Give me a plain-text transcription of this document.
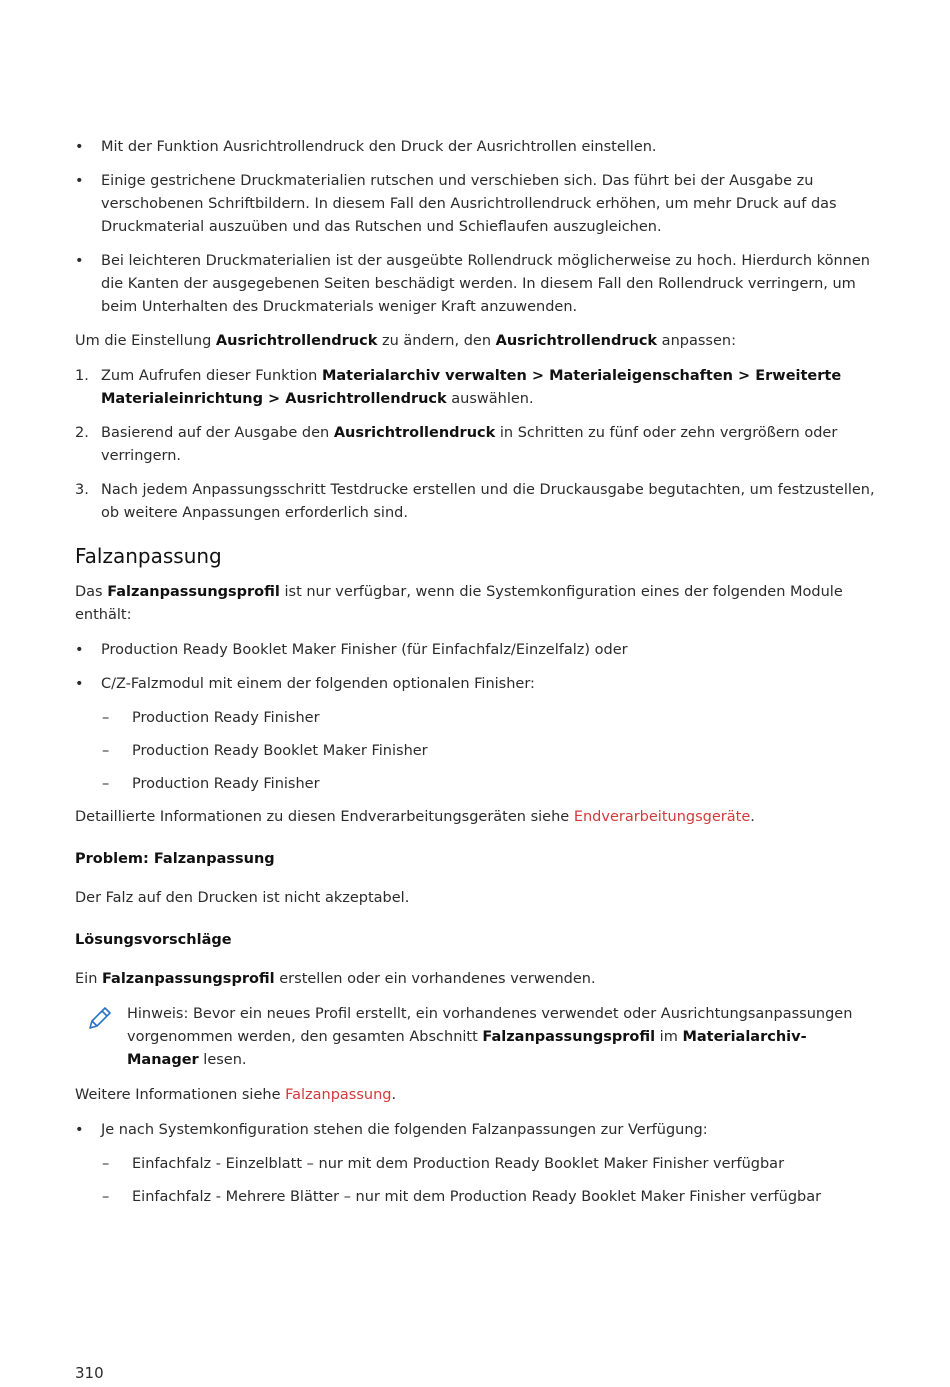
• Mit der Funktion Ausrichtrollendruck den Druck der Ausrichtrollen einstellen.

• Einige gestrichene Druckmaterialien rutschen und verschieben sich. Das führt bei der Ausgabe zu verschobenen Schriftbildern. In diesem Fall den Ausrichtrollendruck erhöhen, um mehr Druck auf das Druckmaterial auszuüben und das Rutschen und Schieflaufen auszugleichen.

• Bei leichteren Druckmaterialien ist der ausgeübte Rollendruck möglicherweise zu hoch. Hierdurch können die Kanten der ausgegebenen Seiten beschädigt werden. In diesem Fall den Rollendruck verringern, um beim Unterhalten des Druckmaterials weniger Kraft anzuwenden.

Um die Einstellung Ausrichtrollendruck zu ändern, den Ausrichtrollendruck anpassen:

1. Zum Aufrufen dieser Funktion Materialarchiv verwalten > Materialeigenschaften > Erweiterte Materialeinrichtung > Ausrichtrollendruck auswählen.

2. Basierend auf der Ausgabe den Ausrichtrollendruck in Schritten zu fünf oder zehn vergrößern oder verringern.

3. Nach jedem Anpassungsschritt Testdrucke erstellen und die Druckausgabe begutachten, um festzustellen, ob weitere Anpassungen erforderlich sind.

Falzanpassung

Das Falzanpassungsprofil ist nur verfügbar, wenn die Systemkonfiguration eines der folgenden Module enthält:

• Production Ready Booklet Maker Finisher (für Einfachfalz/Einzelfalz) oder

• C/Z-Falzmodul mit einem der folgenden optionalen Finisher:

– Production Ready Finisher

– Production Ready Booklet Maker Finisher

– Production Ready Finisher

Detaillierte Informationen zu diesen Endverarbeitungsgeräten siehe Endverarbeitungsgeräte.

Problem: Falzanpassung

Der Falz auf den Drucken ist nicht akzeptabel.

Lösungsvorschläge

Ein Falzanpassungsprofil erstellen oder ein vorhandenes verwenden.

Hinweis: Bevor ein neues Profil erstellt, ein vorhandenes verwendet oder Ausrichtungsanpassungen vorgenommen werden, den gesamten Abschnitt Falzanpassungsprofil im Materialarchiv-Manager lesen.

Weitere Informationen siehe Falzanpassung.

• Je nach Systemkonfiguration stehen die folgenden Falzanpassungen zur Verfügung:

– Einfachfalz - Einzelblatt – nur mit dem Production Ready Booklet Maker Finisher verfügbar

– Einfachfalz - Mehrere Blätter – nur mit dem Production Ready Booklet Maker Finisher verfügbar

310
